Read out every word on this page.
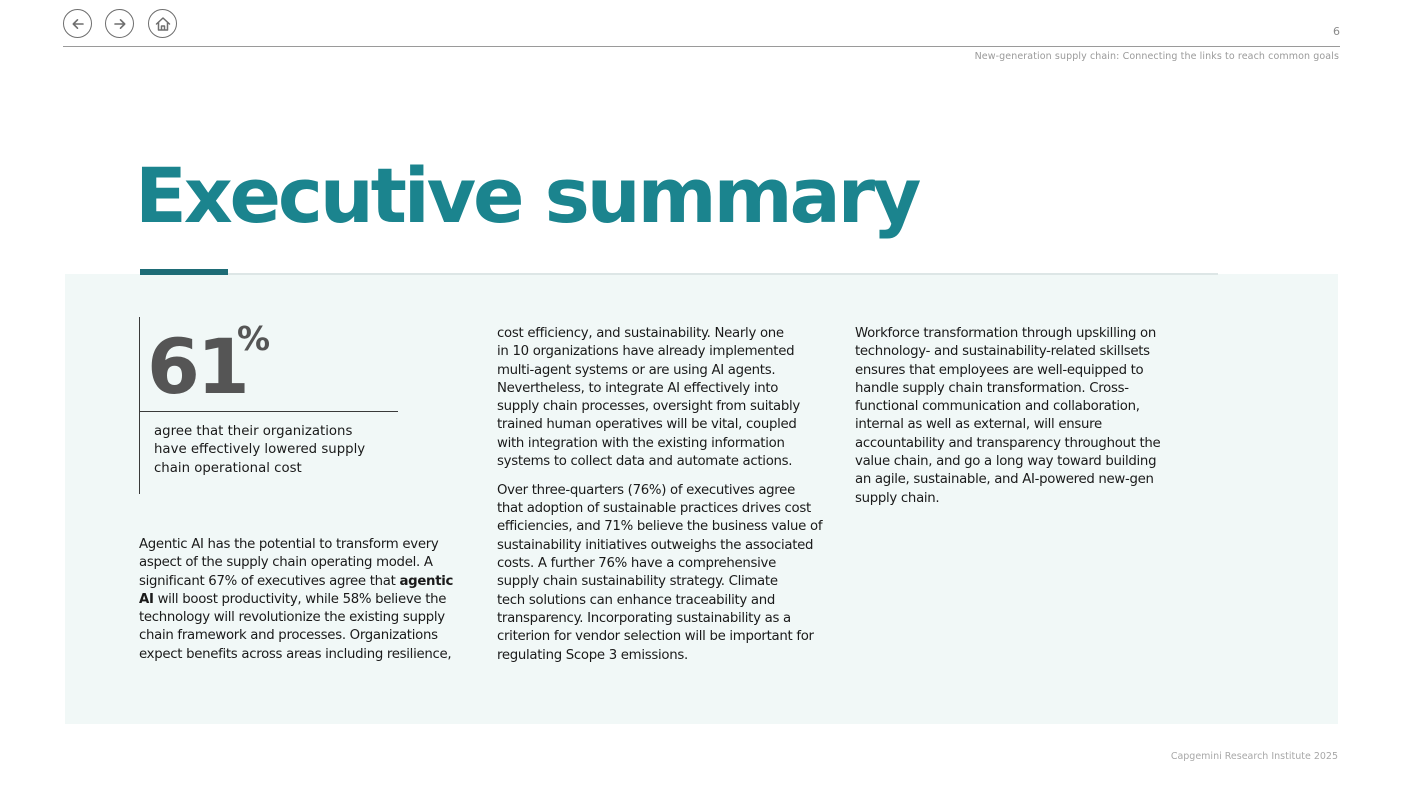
6
New-generation supply chain: Connecting the links to reach common goals
Executive summary
61
%
agree that their organizations
have effectively lowered supply
chain operational cost
Agentic AI has the potential to transform every
aspect of the supply chain operating model. A
significant 67% of executives agree that agentic
AI will boost productivity, while 58% believe the
technology will revolutionize the existing supply
chain framework and processes. Organizations
expect benefits across areas including resilience,

cost efficiency, and sustainability. Nearly one
in 10 organizations have already implemented
multi-agent systems or are using AI agents.
Nevertheless, to integrate AI effectively into
supply chain processes, oversight from suitably
trained human operatives will be vital, coupled
with integration with the existing information
systems to collect data and automate actions.

Over three-quarters (76%) of executives agree
that adoption of sustainable practices drives cost
efficiencies, and 71% believe the business value of
sustainability initiatives outweighs the associated
costs. A further 76% have a comprehensive
supply chain sustainability strategy. Climate
tech solutions can enhance traceability and
transparency. Incorporating sustainability as a
criterion for vendor selection will be important for
regulating Scope 3 emissions.

Workforce transformation through upskilling on
technology- and sustainability-related skillsets
ensures that employees are well-equipped to
handle supply chain transformation. Cross-
functional communication and collaboration,
internal as well as external, will ensure
accountability and transparency throughout the
value chain, and go a long way toward building
an agile, sustainable, and AI-powered new-gen
supply chain.
Capgemini Research Institute 2025
